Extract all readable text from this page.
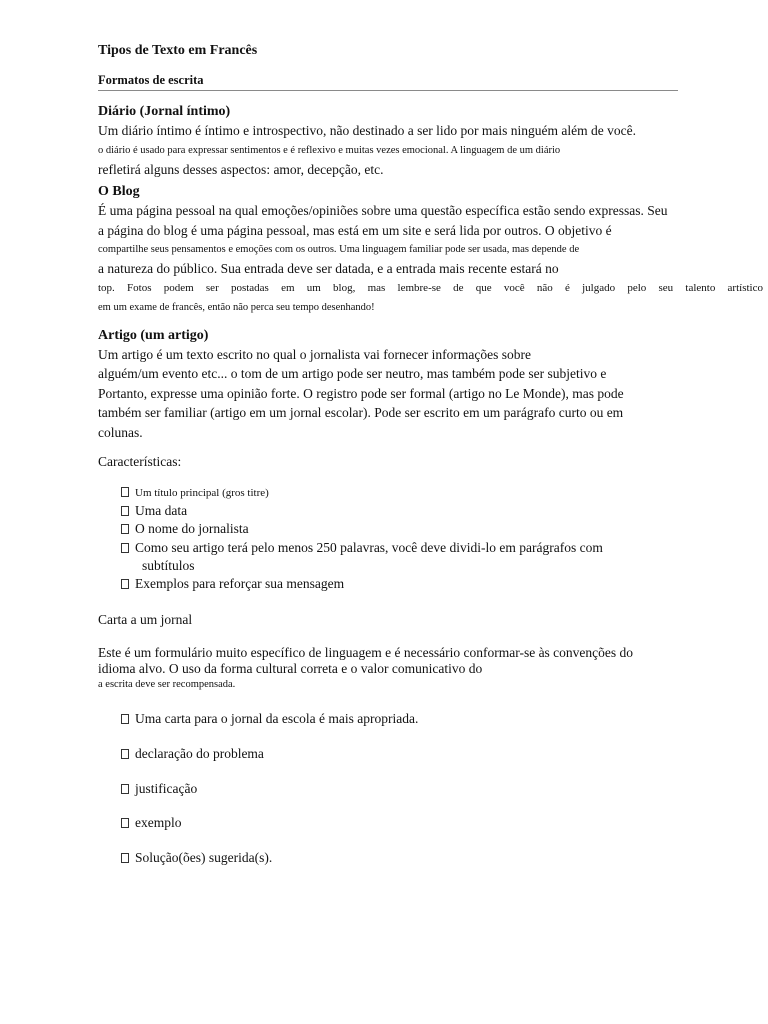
Tipos de Texto em Francês
Formatos de escrita
Diário (Jornal íntimo)

Um diário íntimo é íntimo e introspectivo, não destinado a ser lido por mais ninguém além de você.

o diário é usado para expressar sentimentos e é reflexivo e muitas vezes emocional. A linguagem de um diário

refletirá alguns desses aspectos: amor, decepção, etc.

O Blog

É uma página pessoal na qual emoções/opiniões sobre uma questão específica estão sendo expressas. Seu

a página do blog é uma página pessoal, mas está em um site e será lida por outros. O objetivo é

compartilhe seus pensamentos e emoções com os outros. Uma linguagem familiar pode ser usada, mas depende de

a natureza do público. Sua entrada deve ser datada, e a entrada mais recente estará no

top. Fotos podem ser postadas em um blog, mas lembre-se de que você não é julgado pelo seu talento artístico

em um exame de francês, então não perca seu tempo desenhando!

Artigo (um artigo)

Um artigo é um texto escrito no qual o jornalista vai fornecer informações sobre

alguém/um evento etc... o tom de um artigo pode ser neutro, mas também pode ser subjetivo e

Portanto, expresse uma opinião forte. O registro pode ser formal (artigo no Le Monde), mas pode

também ser familiar (artigo em um jornal escolar). Pode ser escrito em um parágrafo curto ou em

colunas.

Características:

Um título principal (gros titre)
Uma data
O nome do jornalista
Como seu artigo terá pelo menos 250 palavras, você deve dividi-lo em parágrafos com
subtítulos
Exemplos para reforçar sua mensagem

Carta a um jornal

Este é um formulário muito específico de linguagem e é necessário conformar-se às convenções do

idioma alvo. O uso da forma cultural correta e o valor comunicativo do

a escrita deve ser recompensada.

Uma carta para o jornal da escola é mais apropriada.
declaração do problema
justificação
exemplo
Solução(ões) sugerida(s).
